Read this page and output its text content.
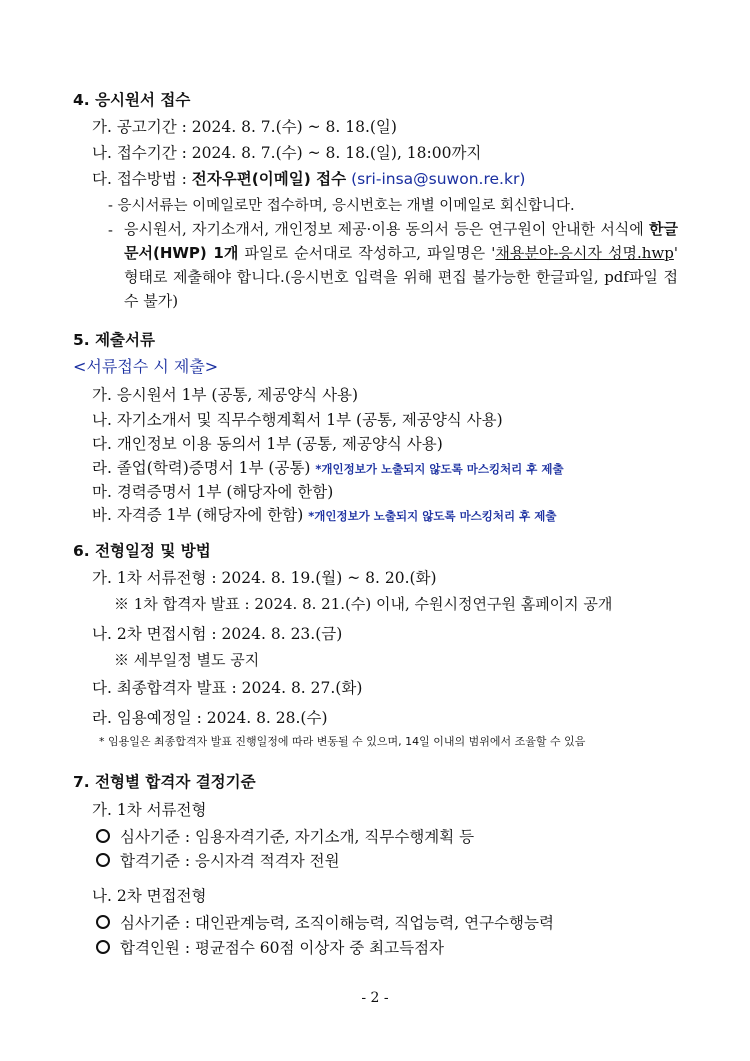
4. 응시원서 접수
가. 공고기간 : 2024. 8. 7.(수) ~ 8. 18.(일)
나. 접수기간 : 2024. 8. 7.(수) ~ 8. 18.(일), 18:00까지
다. 접수방법 : 전자우편(이메일) 접수 (sri-insa@suwon.re.kr)
- 응시서류는 이메일로만 접수하며, 응시번호는 개별 이메일로 회신합니다.
- 응시원서, 자기소개서, 개인정보 제공·이용 동의서 등은 연구원이 안내한 서식에 한글문서(HWP) 1개 파일로 순서대로 작성하고, 파일명은 '채용분야-응시자 성명.hwp' 형태로 제출해야 합니다.(응시번호 입력을 위해 편집 불가능한 한글파일, pdf파일 접수 불가)
5. 제출서류
<서류접수 시 제출>
가. 응시원서 1부 (공통, 제공양식 사용)
나. 자기소개서 및 직무수행계획서 1부 (공통, 제공양식 사용)
다. 개인정보 이용 동의서 1부 (공통, 제공양식 사용)
라. 졸업(학력)증명서 1부 (공통) *개인정보가 노출되지 않도록 마스킹처리 후 제출
마. 경력증명서 1부 (해당자에 한함)
바. 자격증 1부 (해당자에 한함) *개인정보가 노출되지 않도록 마스킹처리 후 제출
6. 전형일정 및 방법
가. 1차 서류전형 : 2024. 8. 19.(월) ~ 8. 20.(화)
※ 1차 합격자 발표 : 2024. 8. 21.(수) 이내, 수원시정연구원 홈페이지 공개
나. 2차 면접시험 : 2024. 8. 23.(금)
※ 세부일정 별도 공지
다. 최종합격자 발표 : 2024. 8. 27.(화)
라. 임용예정일 : 2024. 8. 28.(수)
* 임용일은 최종합격자 발표 진행일정에 따라 변동될 수 있으며, 14일 이내의 범위에서 조율할 수 있음
7. 전형별 합격자 결정기준
가. 1차 서류전형
심사기준 : 임용자격기준, 자기소개, 직무수행계획 등
합격기준 : 응시자격 적격자 전원
나. 2차 면접전형
심사기준 : 대인관계능력, 조직이해능력, 직업능력, 연구수행능력
합격인원 : 평균점수 60점 이상자 중 최고득점자
- 2 -
